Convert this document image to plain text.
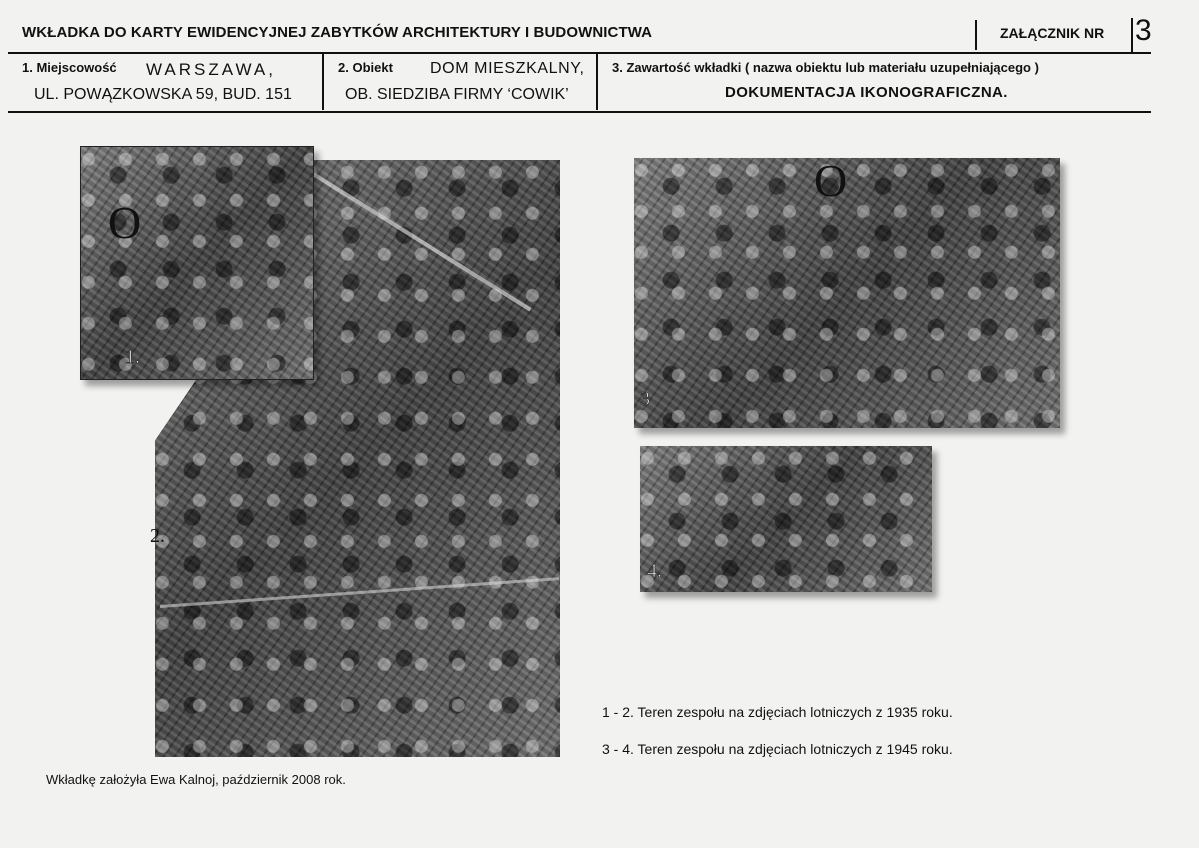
WKŁADKA DO KARTY EWIDENCYJNEJ ZABYTKÓW ARCHITEKTURY I BUDOWNICTWA	ZAŁĄCZNIK NR 3
1. Miejscowość WARSZAWA,
UL. POWĄZKOWSKA 59, BUD. 151
2. Obiekt DOM MIESZKALNY,
OB. SIEDZIBA FIRMY ‘COWIK’
3. Zawartość wkładki ( nazwa obiektu lub materiału uzupełniającego )
DOKUMENTACJA IKONOGRAFICZNA.
2.
O
1.
O
3
4.
1 - 2. Teren zespołu na zdjęciach lotniczych z 1935 roku.
3 - 4. Teren zespołu na zdjęciach lotniczych z 1945 roku.
Wkładkę założyła Ewa Kalnoj, październik 2008 rok.
